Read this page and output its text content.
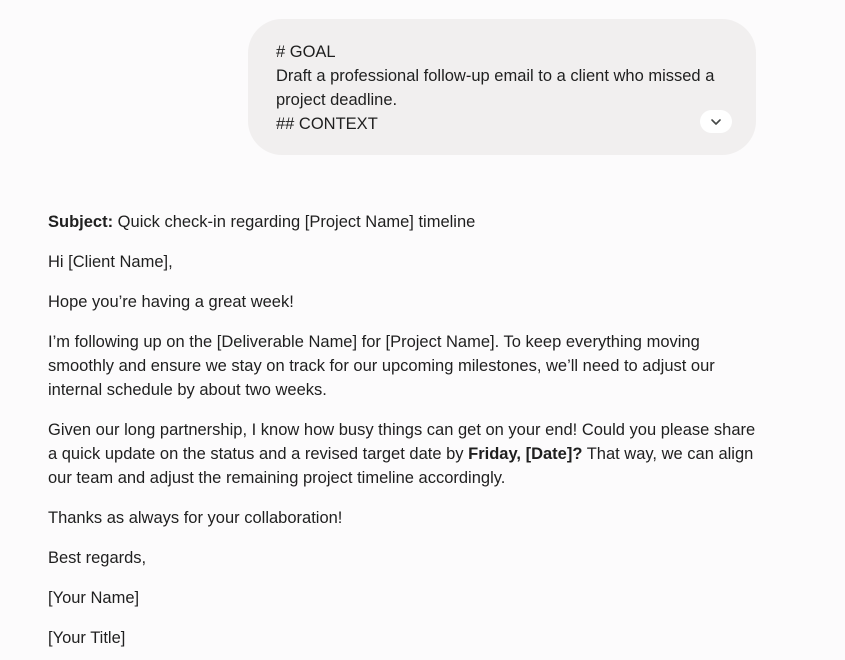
# GOAL
Draft a professional follow-up email to a client who missed a
project deadline.
## CONTEXT

Subject: Quick check-in regarding [Project Name] timeline

Hi [Client Name],

Hope you’re having a great week!

I’m following up on the [Deliverable Name] for [Project Name]. To keep everything moving smoothly and ensure we stay on track for our upcoming milestones, we’ll need to adjust our internal schedule by about two weeks.

Given our long partnership, I know how busy things can get on your end! Could you please share a quick update on the status and a revised target date by Friday, [Date]? That way, we can align our team and adjust the remaining project timeline accordingly.

Thanks as always for your collaboration!

Best regards,

[Your Name]

[Your Title]
